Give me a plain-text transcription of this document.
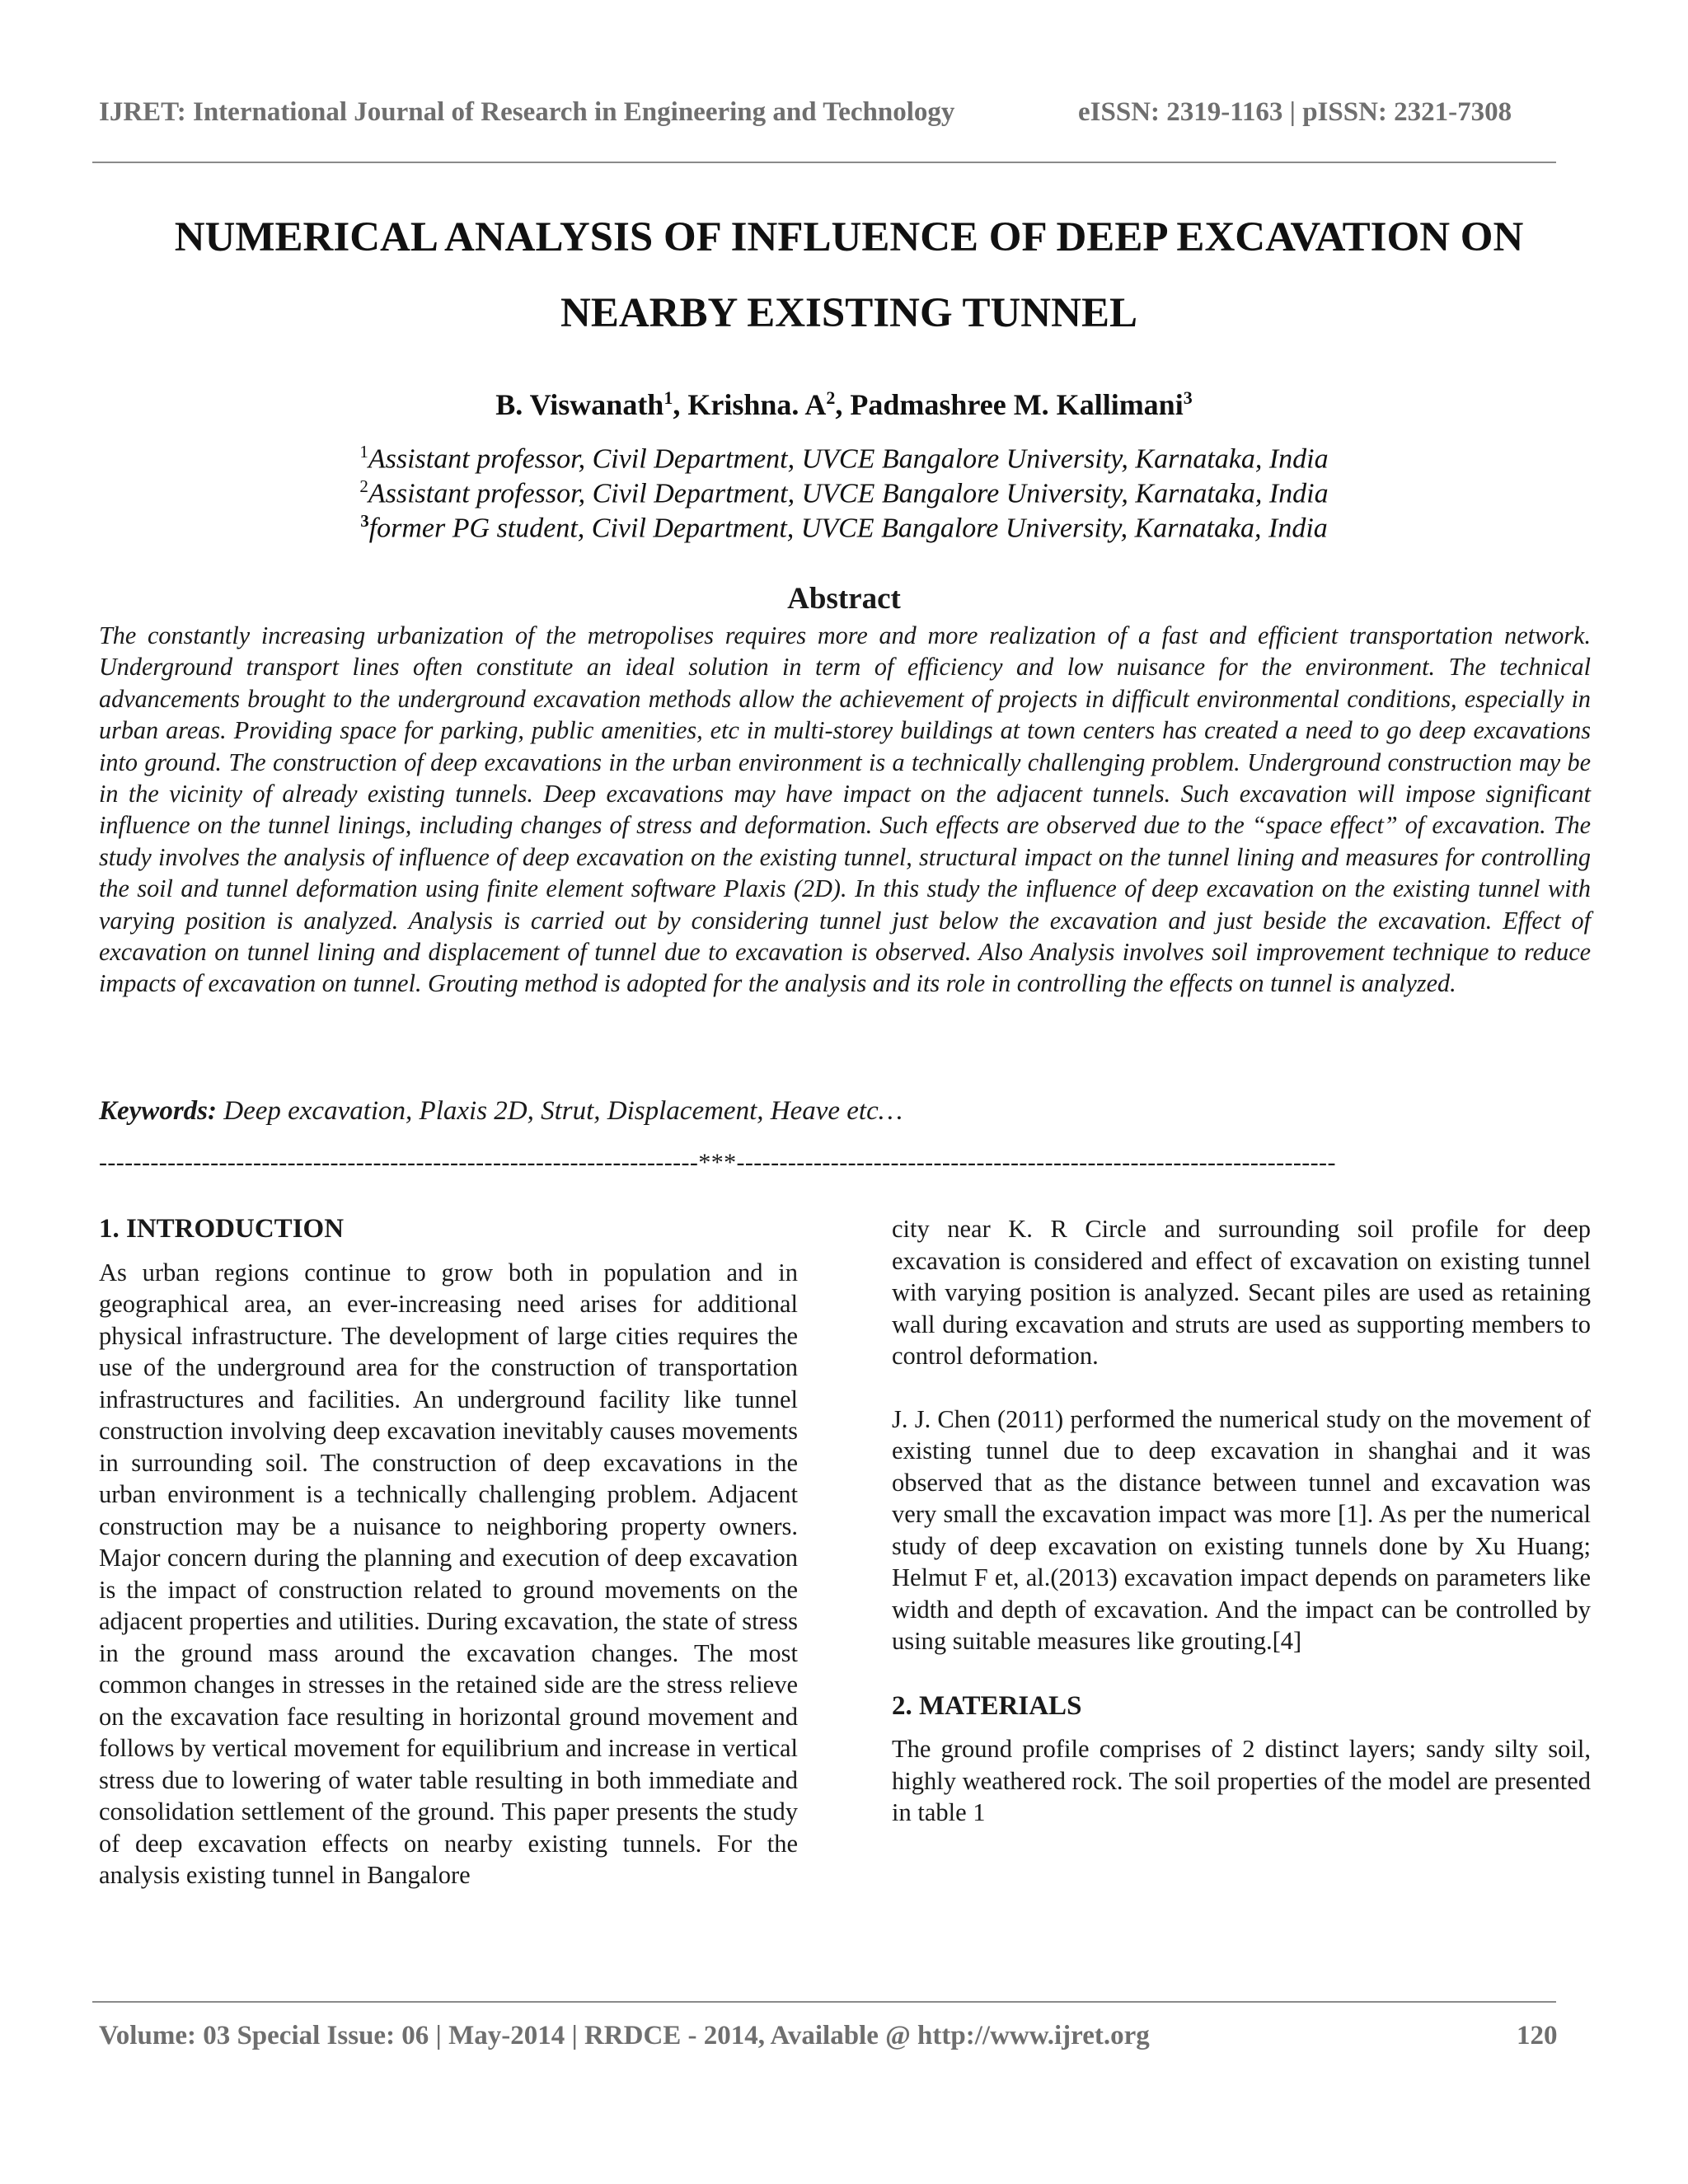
IJRET: International Journal of Research in Engineering and Technology	eISSN: 2319-1163 | pISSN: 2321-7308
NUMERICAL ANALYSIS OF INFLUENCE OF DEEP EXCAVATION ON
NEARBY EXISTING TUNNEL
B. Viswanath$^1$, Krishna. $A^2$, Padmashree M. Kallimani$^3$
$^1$Assistant professor, Civil Department, UVCE Bangalore University, Karnataka, India
$^2$Assistant professor, Civil Department, UVCE Bangalore University, Karnataka, India
$^3$former PG student, Civil Department, UVCE Bangalore University, Karnataka, India
Abstract
The constantly increasing urbanization of the metropolises requires more and more realization of a fast and efficient transportation network. Underground transport lines often constitute an ideal solution in term of efficiency and low nuisance for the environment. The technical advancements brought to the underground excavation methods allow the achievement of projects in difficult environmental conditions, especially in urban areas. Providing space for parking, public amenities, etc in multi-storey buildings at town centers has created a need to go deep excavations into ground. The construction of deep excavations in the urban environment is a technically challenging problem. Underground construction may be in the vicinity of already existing tunnels. Deep excavations may have impact on the adjacent tunnels. Such excavation will impose significant influence on the tunnel linings, including changes of stress and deformation. Such effects are observed due to the “space effect” of excavation. The study involves the analysis of influence of deep excavation on the existing tunnel, structural impact on the tunnel lining and measures for controlling the soil and tunnel deformation using finite element software Plaxis (2D). In this study the influence of deep excavation on the existing tunnel with varying position is analyzed. Analysis is carried out by considering tunnel just below the excavation and just beside the excavation. Effect of excavation on tunnel lining and displacement of tunnel due to excavation is observed. Also Analysis involves soil improvement technique to reduce impacts of excavation on tunnel. Grouting method is adopted for the analysis and its role in controlling the effects on tunnel is analyzed.
Keywords: Deep excavation, Plaxis 2D, Strut, Displacement, Heave etc…
----------------------------------------------------------------------***----------------------------------------------------------------------
1. INTRODUCTION

As urban regions continue to grow both in population and in geographical area, an ever-increasing need arises for additional physical infrastructure. The development of large cities requires the use of the underground area for the construction of transportation infrastructures and facilities. An underground facility like tunnel construction involving deep excavation inevitably causes movements in surrounding soil. The construction of deep excavations in the urban environment is a technically challenging problem. Adjacent construction may be a nuisance to neighboring property owners. Major concern during the planning and execution of deep excavation is the impact of construction related to ground movements on the adjacent properties and utilities. During excavation, the state of stress in the ground mass around the excavation changes. The most common changes in stresses in the retained side are the stress relieve on the excavation face resulting in horizontal ground movement and follows by vertical movement for equilibrium and increase in vertical stress due to lowering of water table resulting in both immediate and consolidation settlement of the ground. This paper presents the study of deep excavation effects on nearby existing tunnels. For the analysis existing tunnel in Bangalore

city near K. R Circle and surrounding soil profile for deep excavation is considered and effect of excavation on existing tunnel with varying position is analyzed. Secant piles are used as retaining wall during excavation and struts are used as supporting members to control deformation.

J. J. Chen (2011) performed the numerical study on the movement of existing tunnel due to deep excavation in shanghai and it was observed that as the distance between tunnel and excavation was very small the excavation impact was more [1]. As per the numerical study of deep excavation on existing tunnels done by Xu Huang; Helmut F et, al.(2013) excavation impact depends on parameters like width and depth of excavation. And the impact can be controlled by using suitable measures like grouting.[4]

2. MATERIALS

The ground profile comprises of 2 distinct layers; sandy silty soil, highly weathered rock. The soil properties of the model are presented in table 1

Volume: 03 Special Issue: 06 | May-2014 | RRDCE - 2014, Available @ http://www.ijret.org	120
